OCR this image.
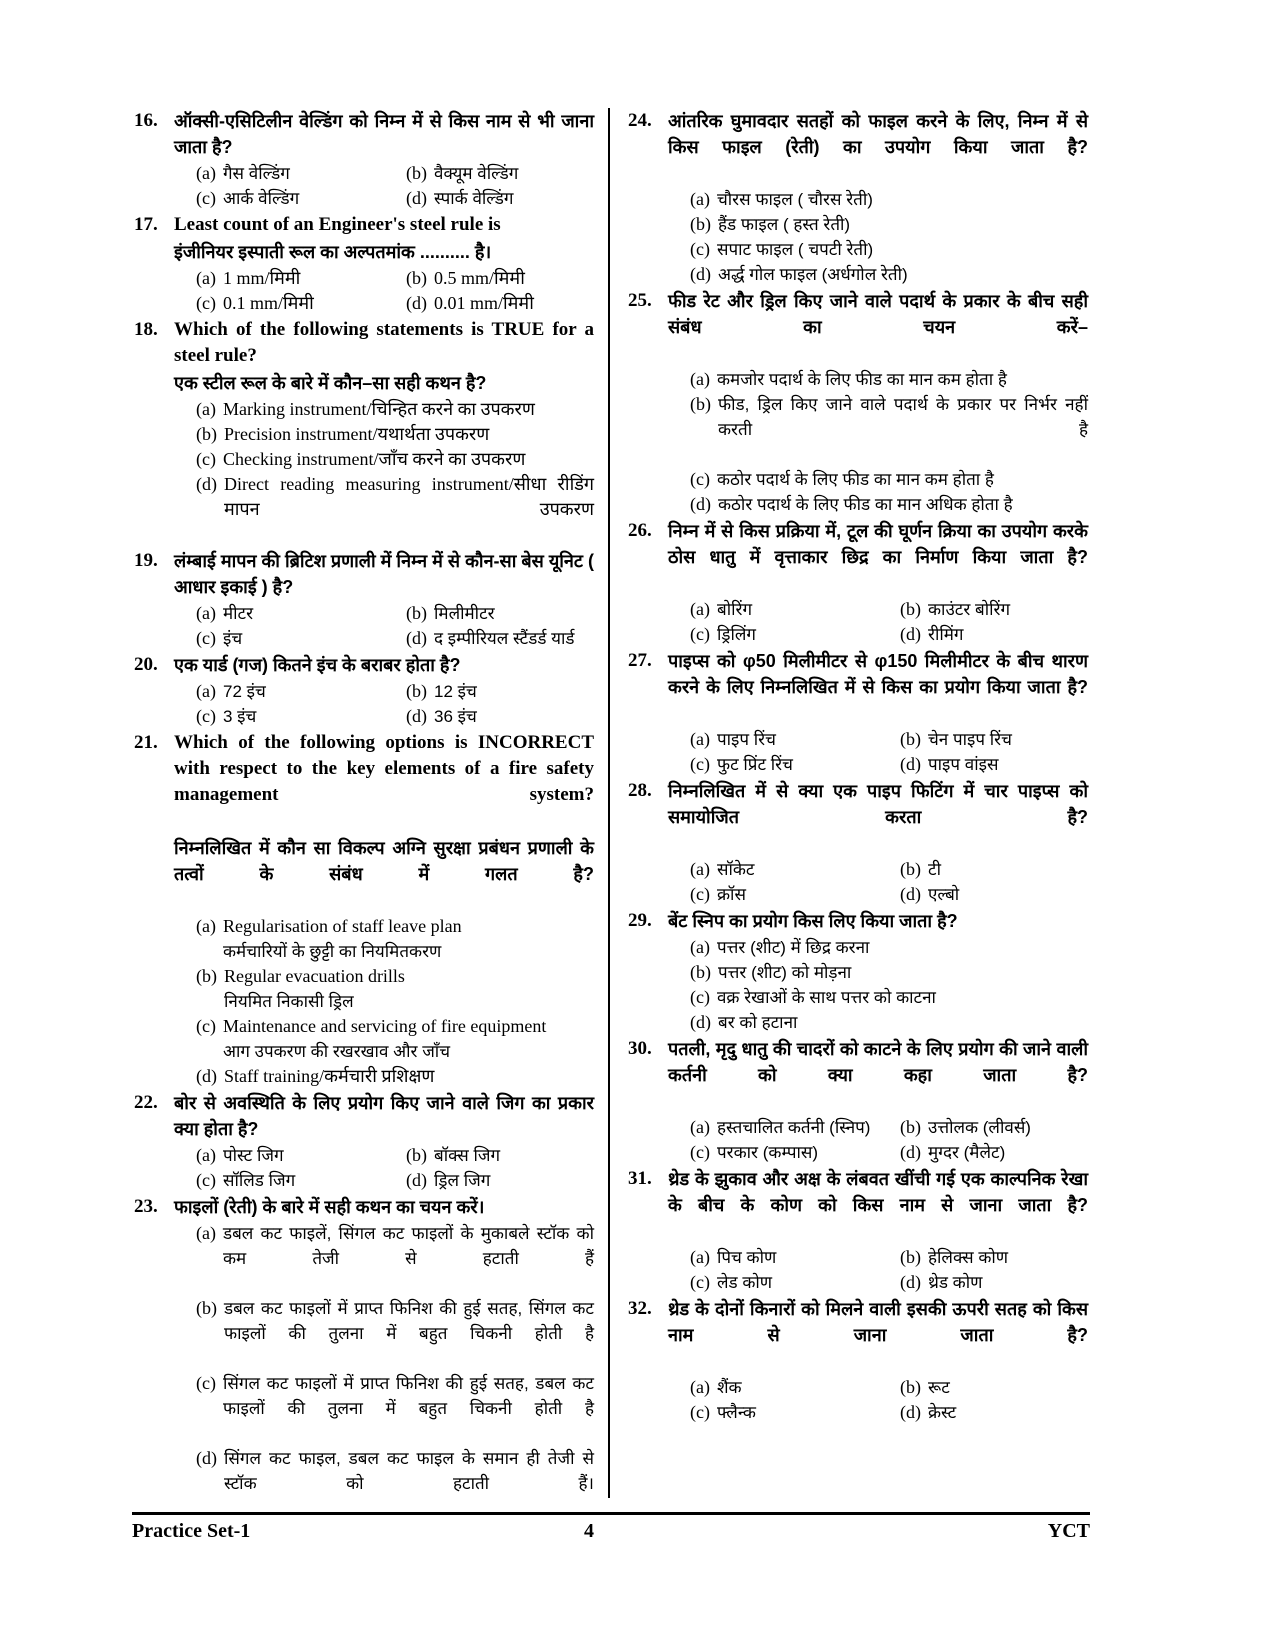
16. ऑक्सी-एसिटिलीन वेल्डिंग को निम्न में से किस नाम से भी जाना जाता है?
(a) गैस वेल्डिंग	(b) वैक्यूम वेल्डिंग
(c) आर्क वेल्डिंग	(d) स्पार्क वेल्डिंग
17. Least count of an Engineer's steel rule is
इंजीनियर इस्पाती रूल का अल्पतमांक .......... है।
(a) 1 mm/मिमी	(b) 0.5 mm/मिमी
(c) 0.1 mm/मिमी	(d) 0.01 mm/मिमी
18. Which of the following statements is TRUE for a steel rule?
एक स्टील रूल के बारे में कौन–सा सही कथन है?
(a) Marking instrument/चिन्हित करने का उपकरण
(b) Precision instrument/यथार्थता उपकरण
(c) Checking instrument/जाँच करने का उपकरण
(d) Direct reading measuring instrument/सीधा रीडिंग मापन उपकरण
19. लंम्बाई मापन की ब्रिटिश प्रणाली में निम्न में से कौन-सा बेस यूनिट ( आधार इकाई ) है?
(a) मीटर	(b) मिलीमीटर
(c) इंच	(d) द इम्पीरियल स्टैंडर्ड यार्ड
20. एक यार्ड (गज) कितने इंच के बराबर होता है?
(a) 72 इंच	(b) 12 इंच
(c) 3 इंच	(d) 36 इंच
21. Which of the following options is INCORRECT with respect to the key elements of a fire safety management system?
निम्नलिखित में कौन सा विकल्प अग्नि सुरक्षा प्रबंधन प्रणाली के तत्वों के संबंध में गलत है?
(a) Regularisation of staff leave plan
कर्मचारियों के छुट्टी का नियमितकरण
(b) Regular evacuation drills
नियमित निकासी ड्रिल
(c) Maintenance and servicing of fire equipment
आग उपकरण की रखरखाव और जाँच
(d) Staff training/कर्मचारी प्रशिक्षण
22. बोर से अवस्थिति के लिए प्रयोग किए जाने वाले जिग का प्रकार क्या होता है?
(a) पोस्ट जिग	(b) बॉक्स जिग
(c) सॉलिड जिग	(d) ड्रिल जिग
23. फाइलों (रेती) के बारे में सही कथन का चयन करें।
(a) डबल कट फाइलें, सिंगल कट फाइलों के मुकाबले स्टॉक को कम तेजी से हटाती हैं
(b) डबल कट फाइलों में प्राप्त फिनिश की हुई सतह, सिंगल कट फाइलों की तुलना में बहुत चिकनी होती है
(c) सिंगल कट फाइलों में प्राप्त फिनिश की हुई सतह, डबल कट फाइलों की तुलना में बहुत चिकनी होती है
(d) सिंगल कट फाइल, डबल कट फाइल के समान ही तेजी से स्टॉक को हटाती हैं।
24. आंतरिक घुमावदार सतहों को फाइल करने के लिए, निम्न में से किस फाइल (रेती) का उपयोग किया जाता है?
(a) चौरस फाइल ( चौरस रेती)
(b) हैंड फाइल ( हस्त रेती)
(c) सपाट फाइल ( चपटी रेती)
(d) अर्द्ध गोल फाइल (अर्धगोल रेती)
25. फीड रेट और ड्रिल किए जाने वाले पदार्थ के प्रकार के बीच सही संबंध का चयन करें–
(a) कमजोर पदार्थ के लिए फीड का मान कम होता है
(b) फीड, ड्रिल किए जाने वाले पदार्थ के प्रकार पर निर्भर नहीं करती है
(c) कठोर पदार्थ के लिए फीड का मान कम होता है
(d) कठोर पदार्थ के लिए फीड का मान अधिक होता है
26. निम्न में से किस प्रक्रिया में, टूल की घूर्णन क्रिया का उपयोग करके ठोस धातु में वृत्ताकार छिद्र का निर्माण किया जाता है?
(a) बोरिंग	(b) काउंटर बोरिंग
(c) ड्रिलिंग	(d) रीमिंग
27. पाइप्स को φ50 मिलीमीटर से φ150 मिलीमीटर के बीच थारण करने के लिए निम्नलिखित में से किस का प्रयोग किया जाता है?
(a) पाइप रिंच	(b) चेन पाइप रिंच
(c) फुट प्रिंट रिंच	(d) पाइप वांइस
28. निम्नलिखित में से क्या एक पाइप फिटिंग में चार पाइप्स को समायोजित करता है?
(a) सॉकेट	(b) टी
(c) क्रॉस	(d) एल्बो
29. बेंट स्निप का प्रयोग किस लिए किया जाता है?
(a) पत्तर (शीट) में छिद्र करना
(b) पत्तर (शीट) को मोड़ना
(c) वक्र रेखाओं के साथ पत्तर को काटना
(d) बर को हटाना
30. पतली, मृदु धातु की चादरों को काटने के लिए प्रयोग की जाने वाली कर्तनी को क्या कहा जाता है?
(a) हस्तचालित कर्तनी (स्निप)	(b) उत्तोलक (लीवर्स)
(c) परकार (कम्पास)	(d) मुग्दर (मैलेट)
31. थ्रेड के झुकाव और अक्ष के लंबवत खींची गई एक काल्पनिक रेखा के बीच के कोण को किस नाम से जाना जाता है?
(a) पिच कोण	(b) हेलिक्स कोण
(c) लेड कोण	(d) थ्रेड कोण
32. थ्रेड के दोनों किनारों को मिलने वाली इसकी ऊपरी सतह को किस नाम से जाना जाता है?
(a) शैंक	(b) रूट
(c) फ्लैन्क	(d) क्रेस्ट
Practice Set-1	4	YCT
